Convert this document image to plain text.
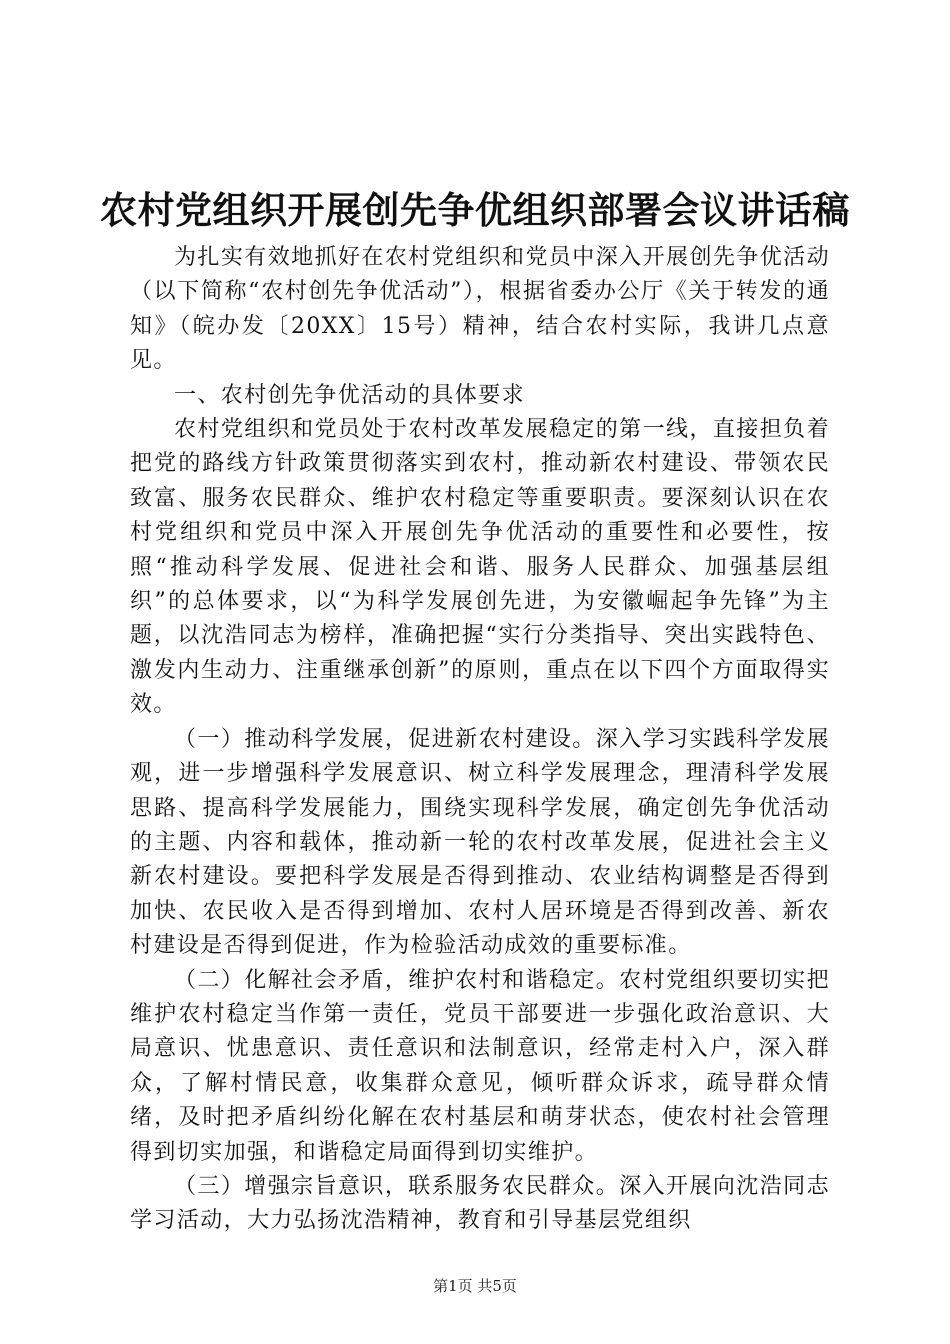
农村党组织开展创先争优组织部署会议讲话稿

为扎实有效地抓好在农村党组织和党员中深入开展创先争优活动（以下简称“农村创先争优活动”），根据省委办公厅《关于转发的通知》（皖办发〔20XX〕15号）精神，结合农村实际，我讲几点意见。

一、农村创先争优活动的具体要求

农村党组织和党员处于农村改革发展稳定的第一线，直接担负着把党的路线方针政策贯彻落实到农村，推动新农村建设、带领农民致富、服务农民群众、维护农村稳定等重要职责。要深刻认识在农村党组织和党员中深入开展创先争优活动的重要性和必要性，按照“推动科学发展、促进社会和谐、服务人民群众、加强基层组织”的总体要求，以“为科学发展创先进，为安徽崛起争先锋”为主题，以沈浩同志为榜样，准确把握“实行分类指导、突出实践特色、激发内生动力、注重继承创新”的原则，重点在以下四个方面取得实效。

（一）推动科学发展，促进新农村建设。深入学习实践科学发展观，进一步增强科学发展意识、树立科学发展理念，理清科学发展思路、提高科学发展能力，围绕实现科学发展，确定创先争优活动的主题、内容和载体，推动新一轮的农村改革发展，促进社会主义新农村建设。要把科学发展是否得到推动、农业结构调整是否得到加快、农民收入是否得到增加、农村人居环境是否得到改善、新农村建设是否得到促进，作为检验活动成效的重要标准。

（二）化解社会矛盾，维护农村和谐稳定。农村党组织要切实把维护农村稳定当作第一责任，党员干部要进一步强化政治意识、大局意识、忧患意识、责任意识和法制意识，经常走村入户，深入群众，了解村情民意，收集群众意见，倾听群众诉求，疏导群众情绪，及时把矛盾纠纷化解在农村基层和萌芽状态，使农村社会管理得到切实加强，和谐稳定局面得到切实维护。

（三）增强宗旨意识，联系服务农民群众。深入开展向沈浩同志学习活动，大力弘扬沈浩精神，教育和引导基层党组织

第1页 共5页
